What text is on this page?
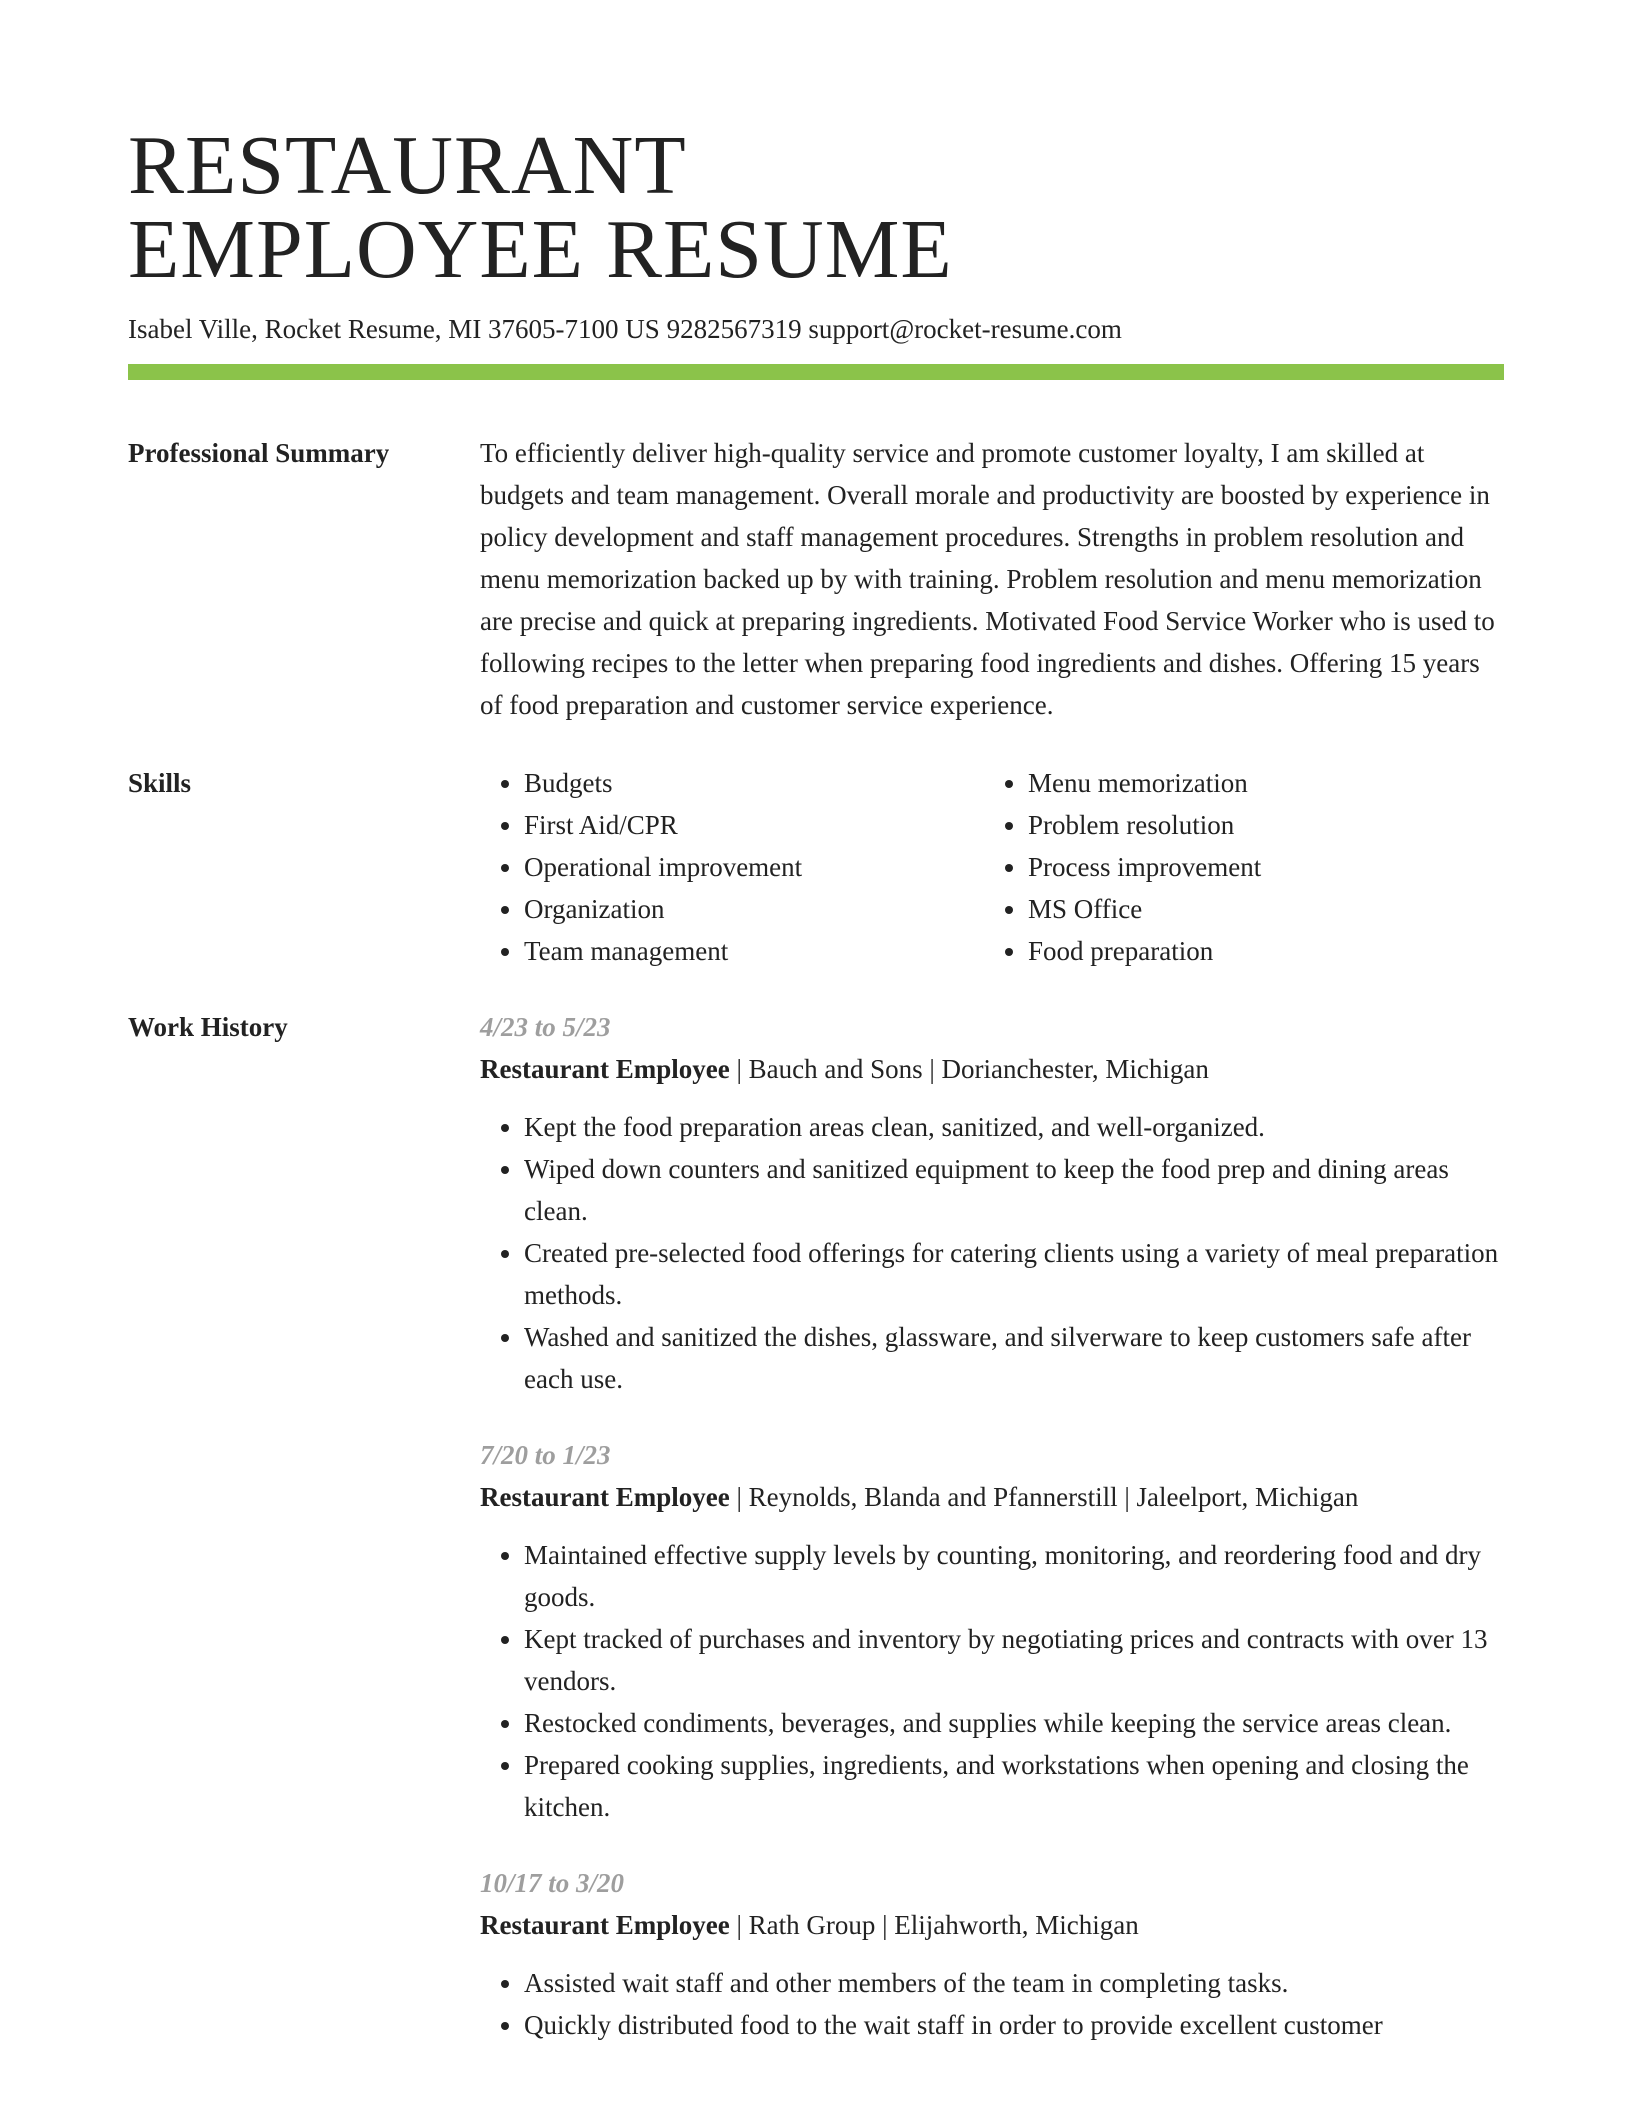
RESTAURANT
EMPLOYEE RESUME
Isabel Ville, Rocket Resume, MI 37605-7100 US 9282567319 support@rocket-resume.com
Professional Summary	To efficiently deliver high-quality service and promote customer loyalty, I am skilled at budgets and team management. Overall morale and productivity are boosted by experience in policy development and staff management procedures. Strengths in problem resolution and menu memorization backed up by with training. Problem resolution and menu memorization are precise and quick at preparing ingredients. Motivated Food Service Worker who is used to following recipes to the letter when preparing food ingredients and dishes. Offering 15 years of food preparation and customer service experience.

Skills
•	Budgets
• First Aid/CPR
• Operational improvement
• Organization
• Team management
• Menu memorization
• Problem resolution
• Process improvement
• MS Office
• Food preparation
Work History	4/23 to 5/23
Restaurant Employee | Bauch and Sons | Dorianchester, Michigan
• Kept the food preparation areas clean, sanitized, and well-organized.
• Wiped down counters and sanitized equipment to keep the food prep and dining areas clean.
• Created pre-selected food offerings for catering clients using a variety of meal preparation methods.
• Washed and sanitized the dishes, glassware, and silverware to keep customers safe after each use.
7/20 to 1/23
Restaurant Employee | Reynolds, Blanda and Pfannerstill | Jaleelport, Michigan
• Maintained effective supply levels by counting, monitoring, and reordering food and dry goods.
• Kept tracked of purchases and inventory by negotiating prices and contracts with over 13 vendors.
• Restocked condiments, beverages, and supplies while keeping the service areas clean.
• Prepared cooking supplies, ingredients, and workstations when opening and closing the kitchen.
10/17 to 3/20
Restaurant Employee | Rath Group | Elijahworth, Michigan
• Assisted wait staff and other members of the team in completing tasks.
• Quickly distributed food to the wait staff in order to provide excellent customer
